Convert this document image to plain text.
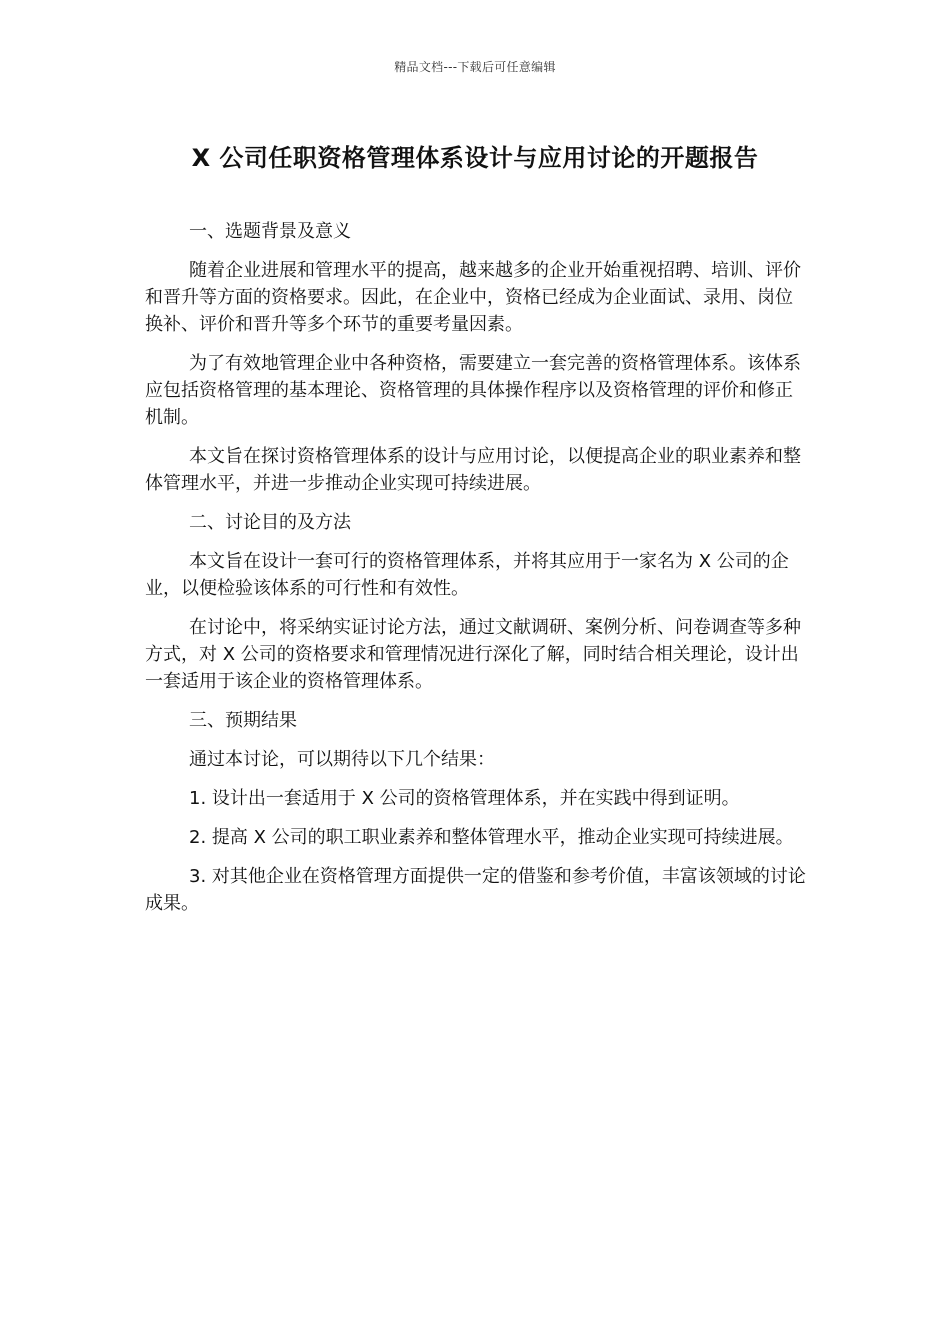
精品文档---下载后可任意编辑
X 公司任职资格管理体系设计与应用讨论的开题报告

一、选题背景及意义

随着企业进展和管理水平的提高，越来越多的企业开始重视招聘、培训、评价和晋升等方面的资格要求。因此，在企业中，资格已经成为企业面试、录用、岗位换补、评价和晋升等多个环节的重要考量因素。

为了有效地管理企业中各种资格，需要建立一套完善的资格管理体系。该体系应包括资格管理的基本理论、资格管理的具体操作程序以及资格管理的评价和修正机制。

本文旨在探讨资格管理体系的设计与应用讨论，以便提高企业的职业素养和整体管理水平，并进一步推动企业实现可持续进展。

二、讨论目的及方法

本文旨在设计一套可行的资格管理体系，并将其应用于一家名为 X 公司的企业，以便检验该体系的可行性和有效性。

在讨论中，将采纳实证讨论方法，通过文献调研、案例分析、问卷调查等多种方式，对 X 公司的资格要求和管理情况进行深化了解，同时结合相关理论，设计出一套适用于该企业的资格管理体系。

三、预期结果

通过本讨论，可以期待以下几个结果：

1. 设计出一套适用于 X 公司的资格管理体系，并在实践中得到证明。

2. 提高 X 公司的职工职业素养和整体管理水平，推动企业实现可持续进展。

3. 对其他企业在资格管理方面提供一定的借鉴和参考价值，丰富该领域的讨论成果。
